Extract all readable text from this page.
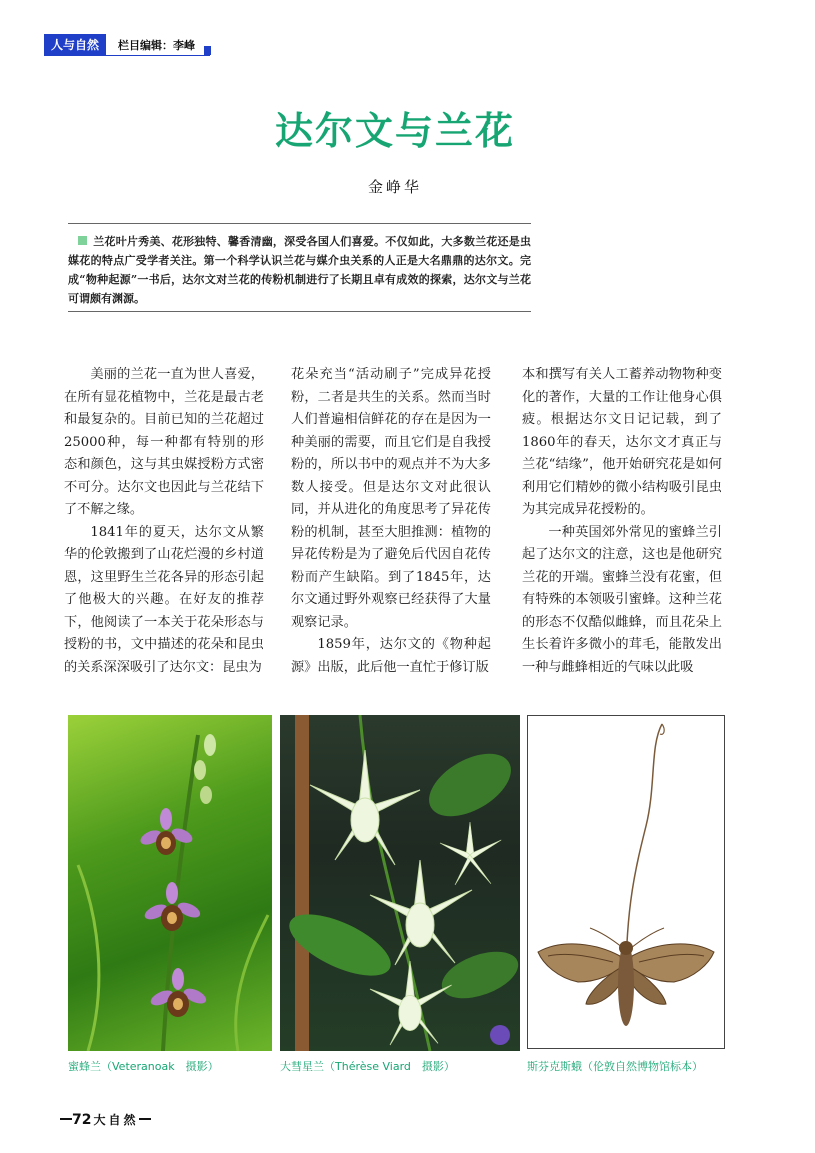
人与自然	栏目编辑：李峰
达尔文与兰花
金峥华
兰花叶片秀美、花形独特、馨香清幽，深受各国人们喜爱。不仅如此，大多数兰花还是虫媒花的特点广受学者关注。第一个科学认识兰花与媒介虫关系的人正是大名鼎鼎的达尔文。完成“物种起源”一书后，达尔文对兰花的传粉机制进行了长期且卓有成效的探索，达尔文与兰花可谓颇有渊源。

美丽的兰花一直为世人喜爱，在所有显花植物中，兰花是最古老和最复杂的。目前已知的兰花超过25000种，每一种都有特别的形态和颜色，这与其虫媒授粉方式密不可分。达尔文也因此与兰花结下了不解之缘。

1841年的夏天，达尔文从繁华的伦敦搬到了山花烂漫的乡村道恩，这里野生兰花各异的形态引起了他极大的兴趣。在好友的推荐下，他阅读了一本关于花朵形态与授粉的书，文中描述的花朵和昆虫的关系深深吸引了达尔文：昆虫为

花朵充当“活动刷子”完成异花授粉，二者是共生的关系。然而当时人们普遍相信鲜花的存在是因为一种美丽的需要，而且它们是自我授粉的，所以书中的观点并不为大多数人接受。但是达尔文对此很认同，并从进化的角度思考了异花传粉的机制，甚至大胆推测：植物的异花传粉是为了避免后代因自花传粉而产生缺陷。到了1845年，达尔文通过野外观察已经获得了大量观察记录。

1859年，达尔文的《物种起源》出版，此后他一直忙于修订版

本和撰写有关人工蓄养动物物种变化的著作，大量的工作让他身心俱疲。根据达尔文日记记载，到了1860年的春天，达尔文才真正与兰花“结缘”，他开始研究花是如何利用它们精妙的微小结构吸引昆虫为其完成异花授粉的。

一种英国郊外常见的蜜蜂兰引起了达尔文的注意，这也是他研究兰花的开端。蜜蜂兰没有花蜜，但有特殊的本领吸引蜜蜂。这种兰花的形态不仅酷似雌蜂，而且花朵上生长着许多微小的茸毛，能散发出一种与雌蜂相近的气味以此吸

蜜蜂兰（Veteranoak　摄影）	大彗星兰（Thérèse Viard　摄影）	斯芬克斯蛾（伦敦自然博物馆标本）
72 大自然
